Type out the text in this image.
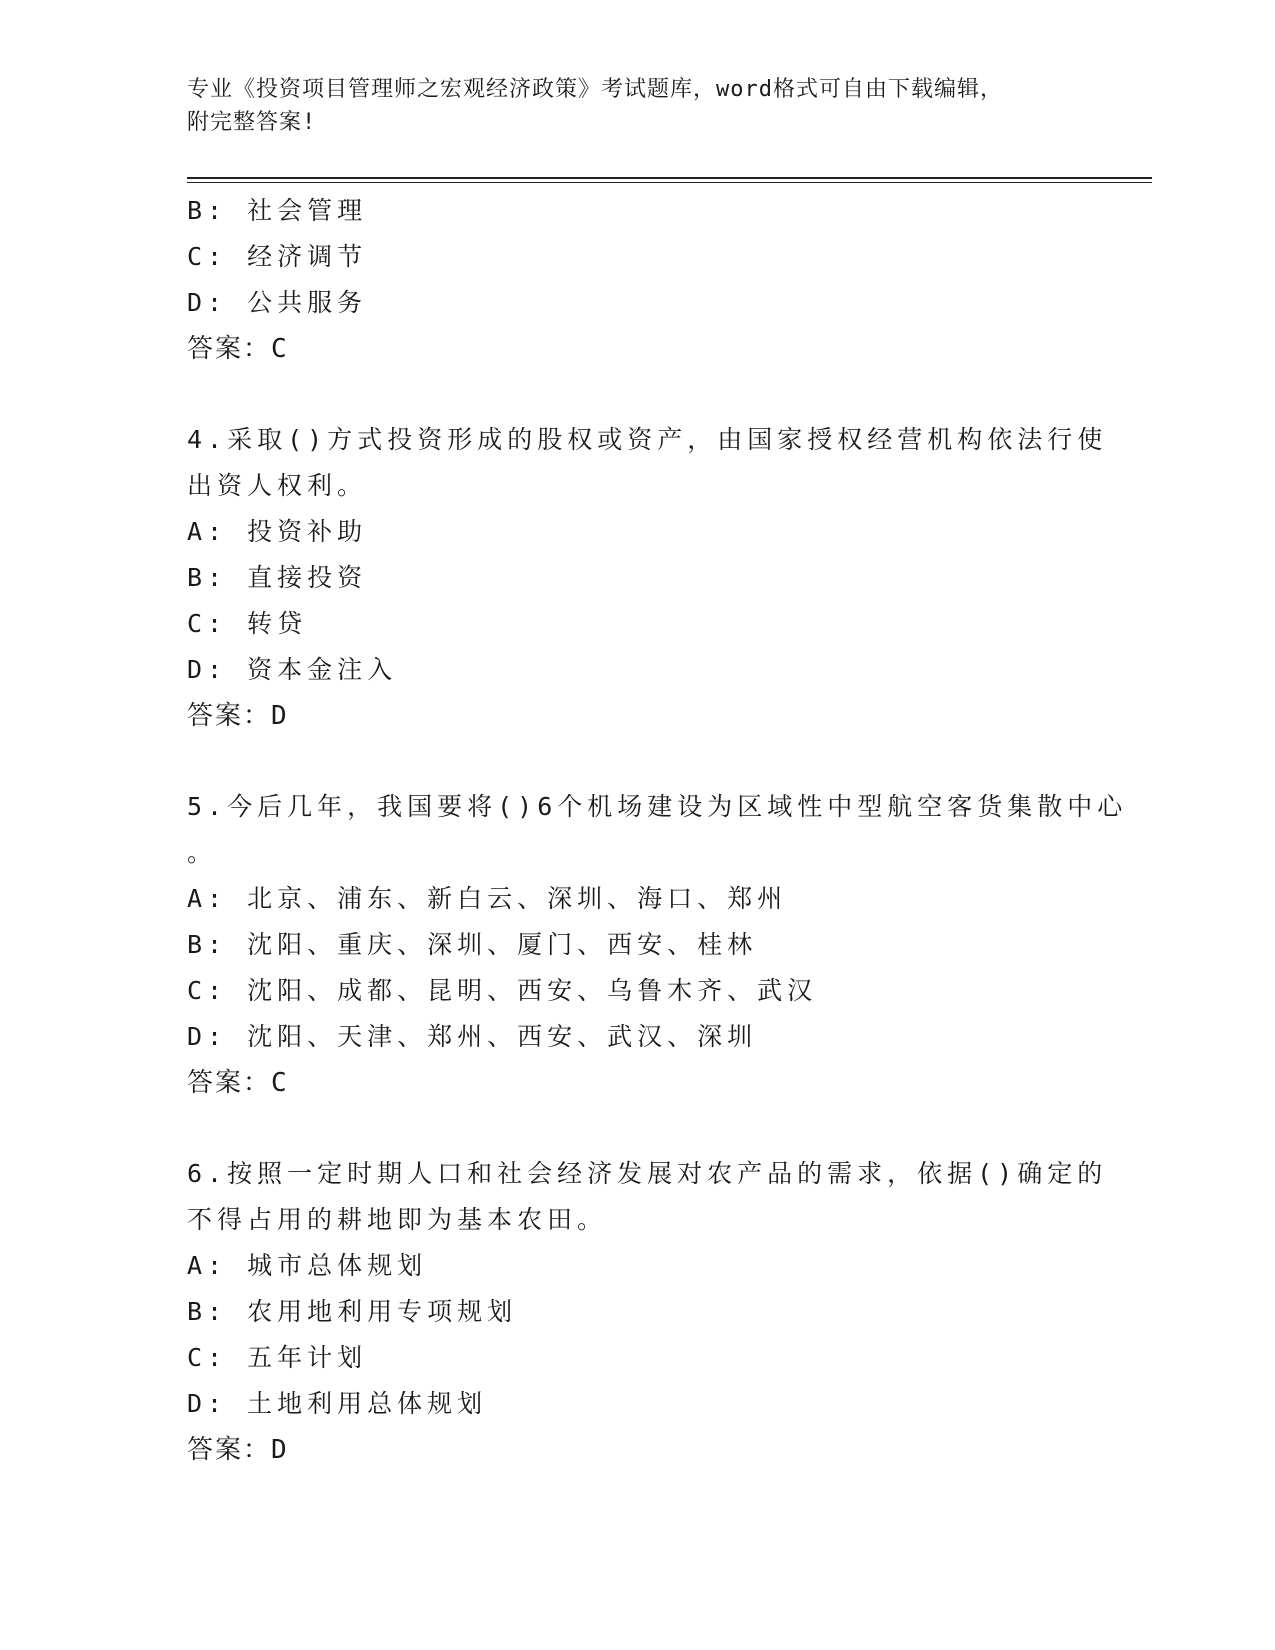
专业《投资项目管理师之宏观经济政策》考试题库，word格式可自由下载编辑，
附完整答案!
B: 社会管理
C: 经济调节
D: 公共服务
答案：C
4.采取()方式投资形成的股权或资产，由国家授权经营机构依法行使
出资人权利。
A: 投资补助
B: 直接投资
C: 转贷
D: 资本金注入
答案：D
5.今后几年，我国要将()6个机场建设为区域性中型航空客货集散中心
。
A: 北京、浦东、新白云、深圳、海口、郑州
B: 沈阳、重庆、深圳、厦门、西安、桂林
C: 沈阳、成都、昆明、西安、乌鲁木齐、武汉
D: 沈阳、天津、郑州、西安、武汉、深圳
答案：C
6.按照一定时期人口和社会经济发展对农产品的需求，依据()确定的
不得占用的耕地即为基本农田。
A: 城市总体规划
B: 农用地利用专项规划
C: 五年计划
D: 土地利用总体规划
答案：D
